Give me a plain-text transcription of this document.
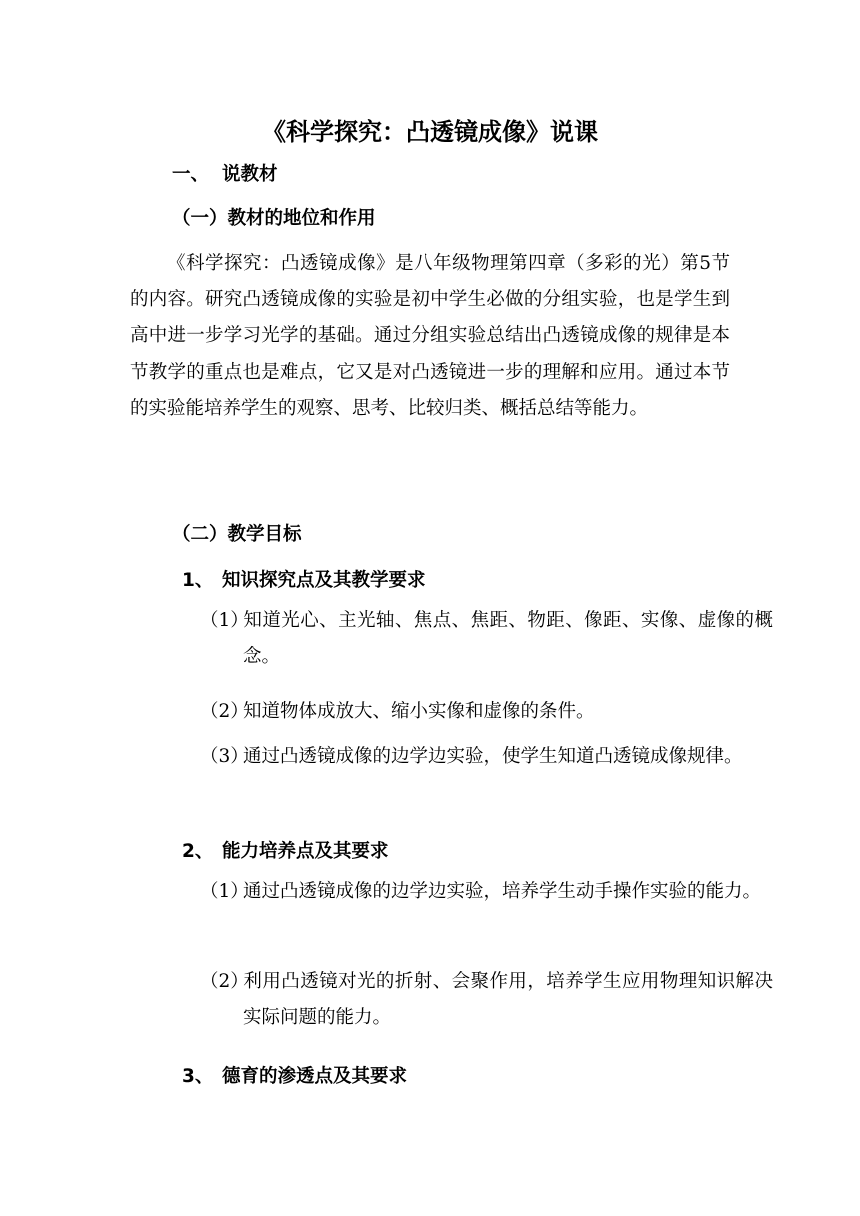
《科学探究：凸透镜成像》说课
一、 说教材
（一）教材的地位和作用

《科学探究：凸透镜成像》是八年级物理第四章（多彩的光）第5节的内容。研究凸透镜成像的实验是初中学生必做的分组实验，也是学生到高中进一步学习光学的基础。通过分组实验总结出凸透镜成像的规律是本节教学的重点也是难点，它又是对凸透镜进一步的理解和应用。通过本节的实验能培养学生的观察、思考、比较归类、概括总结等能力。

（二）教学目标
1、 知识探究点及其教学要求

（1）知道光心、主光轴、焦点、焦距、物距、像距、实像、虚像的概念。

（2）知道物体成放大、缩小实像和虚像的条件。

（3）通过凸透镜成像的边学边实验，使学生知道凸透镜成像规律。

2、 能力培养点及其要求

（1）通过凸透镜成像的边学边实验，培养学生动手操作实验的能力。

（2）利用凸透镜对光的折射、会聚作用，培养学生应用物理知识解决实际问题的能力。

3、 德育的渗透点及其要求
